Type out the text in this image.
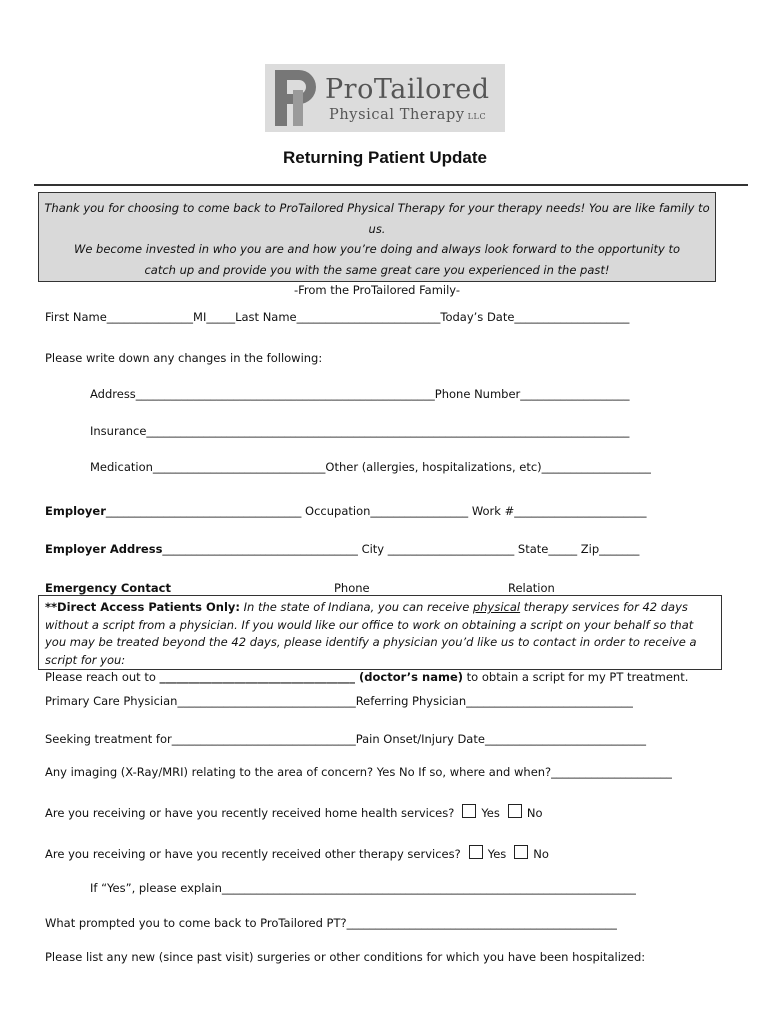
ProTailored
Physical Therapy LLC
Returning Patient Update
Thank you for choosing to come back to ProTailored Physical Therapy for your therapy needs! You are like family to us.
We become invested in who you are and how you’re doing and always look forward to the opportunity to
catch up and provide you with the same great care you experienced in the past!
-From the ProTailored Family-
First Name_______________MI_____Last Name_________________________Today’s Date____________________
Please write down any changes in the following:
Address____________________________________________________Phone Number___________________
Insurance____________________________________________________________________________________
Medication______________________________Other (allergies, hospitalizations, etc)___________________
Employer__________________________________ Occupation_________________ Work #_______________________
Employer Address__________________________________ City ______________________ State_____ Zip_______
Emergency Contact	Phone	Relation
**Direct Access Patients Only: In the state of Indiana, you can receive physical therapy services for 42 days without a script from a physician. If you would like our office to work on obtaining a script on your behalf so that you may be treated beyond the 42 days, please identify a physician you’d like us to contact in order to receive a script for you:
Please reach out to __________________________________ (doctor’s name) to obtain a script for my PT treatment.
Primary Care Physician_______________________________Referring Physician_____________________________
Seeking treatment for________________________________Pain Onset/Injury Date____________________________
Any imaging (X-Ray/MRI) relating to the area of concern? Yes No If so, where and when?_____________________
Are you receiving or have you recently received home health services? Yes No
Are you receiving or have you recently received other therapy services? Yes No
If “Yes”, please explain________________________________________________________________________
What prompted you to come back to ProTailored PT?_______________________________________________
Please list any new (since past visit) surgeries or other conditions for which you have been hospitalized:
